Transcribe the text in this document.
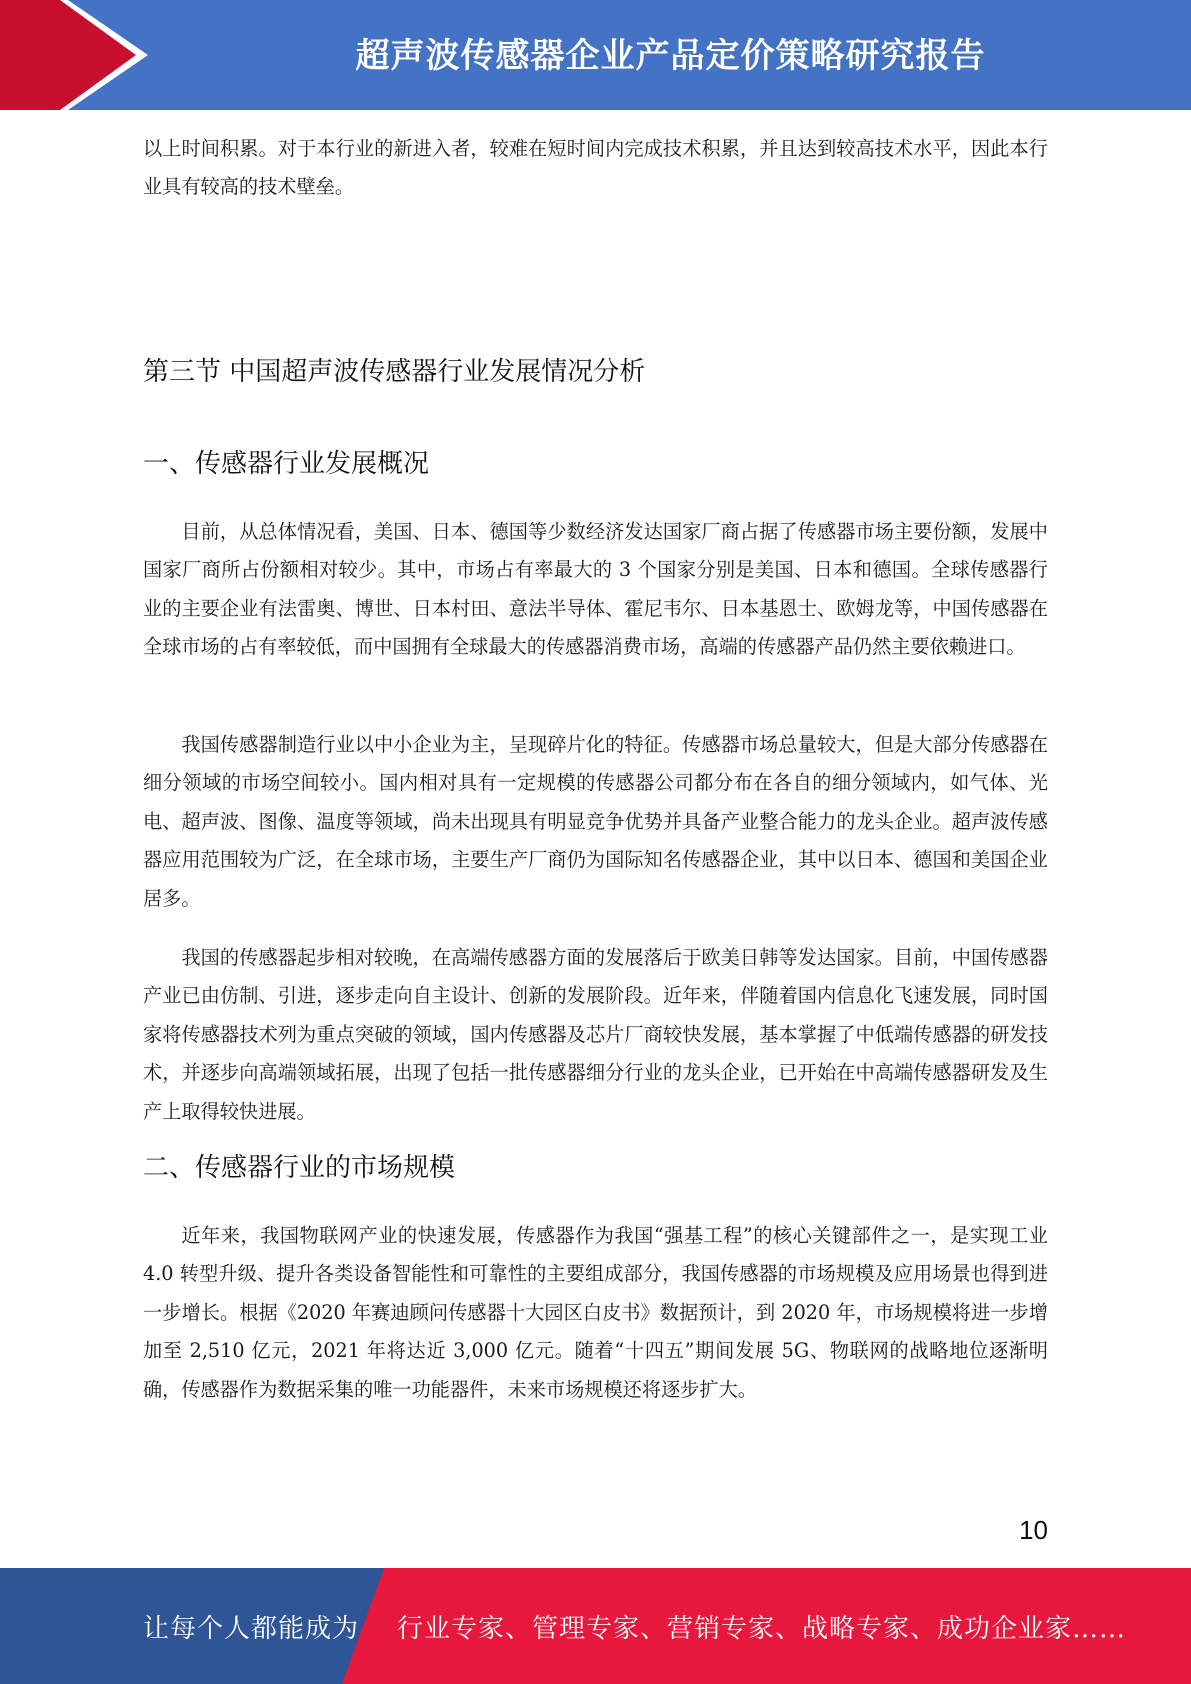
超声波传感器企业产品定价策略研究报告

以上时间积累。对于本行业的新进入者，较难在短时间内完成技术积累，并且达到较高技术水平，因此本行业具有较高的技术壁垒。

第三节 中国超声波传感器行业发展情况分析
一、传感器行业发展概况

目前，从总体情况看，美国、日本、德国等少数经济发达国家厂商占据了传感器市场主要份额，发展中国家厂商所占份额相对较少。其中，市场占有率最大的 3 个国家分别是美国、日本和德国。全球传感器行业的主要企业有法雷奥、博世、日本村田、意法半导体、霍尼韦尔、日本基恩士、欧姆龙等，中国传感器在全球市场的占有率较低，而中国拥有全球最大的传感器消费市场，高端的传感器产品仍然主要依赖进口。

我国传感器制造行业以中小企业为主，呈现碎片化的特征。传感器市场总量较大，但是大部分传感器在细分领域的市场空间较小。国内相对具有一定规模的传感器公司都分布在各自的细分领域内，如气体、光电、超声波、图像、温度等领域，尚未出现具有明显竞争优势并具备产业整合能力的龙头企业。超声波传感器应用范围较为广泛，在全球市场，主要生产厂商仍为国际知名传感器企业，其中以日本、德国和美国企业居多。

我国的传感器起步相对较晚，在高端传感器方面的发展落后于欧美日韩等发达国家。目前，中国传感器产业已由仿制、引进，逐步走向自主设计、创新的发展阶段。近年来，伴随着国内信息化飞速发展，同时国家将传感器技术列为重点突破的领域，国内传感器及芯片厂商较快发展，基本掌握了中低端传感器的研发技术，并逐步向高端领域拓展，出现了包括一批传感器细分行业的龙头企业，已开始在中高端传感器研发及生产上取得较快进展。

二、传感器行业的市场规模

近年来，我国物联网产业的快速发展，传感器作为我国“强基工程”的核心关键部件之一，是实现工业 4.0 转型升级、提升各类设备智能性和可靠性的主要组成部分，我国传感器的市场规模及应用场景也得到进一步增长。根据《2020 年赛迪顾问传感器十大园区白皮书》数据预计，到 2020 年，市场规模将进一步增加至 2,510 亿元，2021 年将达近 3,000 亿元。随着“十四五”期间发展 5G、物联网的战略地位逐渐明确，传感器作为数据采集的唯一功能器件，未来市场规模还将逐步扩大。

10
让每个人都能成为 行业专家、管理专家、营销专家、战略专家、成功企业家……
